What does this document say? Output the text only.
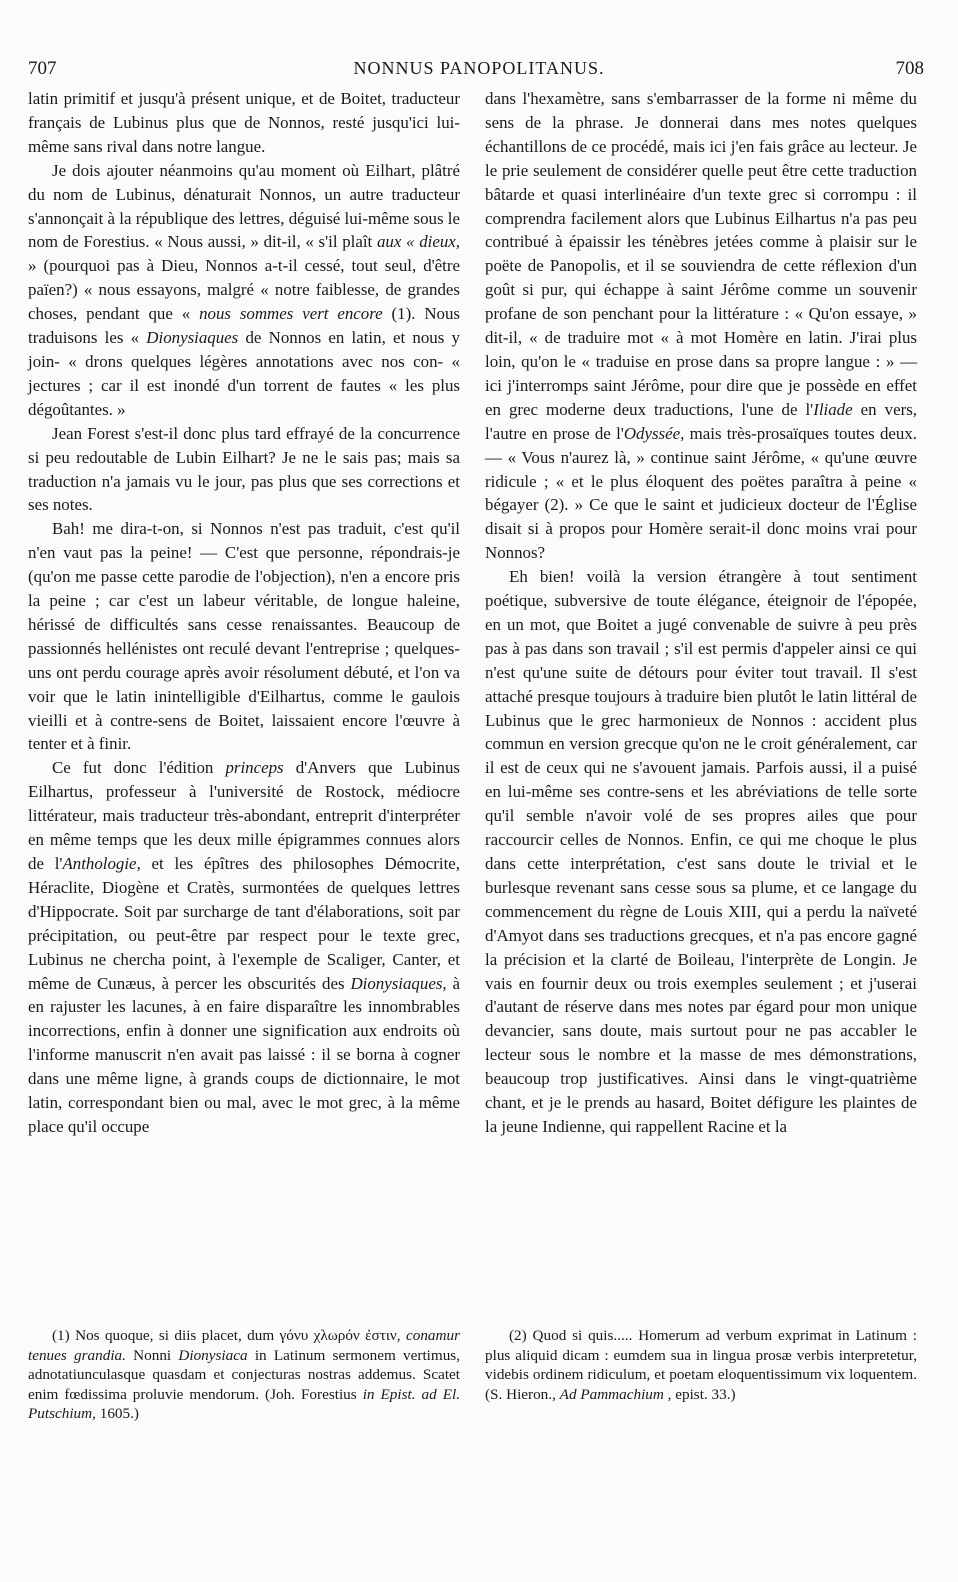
NONNUS PANOPOLITANUS.
707	708

latin primitif et jusqu'à présent unique, et de Boitet, traducteur français de Lubinus plus que de Nonnos, resté jusqu'ici lui-même sans rival dans notre langue.

Je dois ajouter néanmoins qu'au moment où Eilhart, plâtré du nom de Lubinus, dénaturait Nonnos, un autre traducteur s'annonçait à la république des lettres, déguisé lui-même sous le nom de Forestius. « Nous aussi, » dit-il, « s'il plaît aux « dieux, » (pourquoi pas à Dieu, Nonnos a-t-il cessé, tout seul, d'être païen?) « nous essayons, malgré « notre faiblesse, de grandes choses, pendant que « nous sommes vert encore (1). Nous traduisons les « Dionysiaques de Nonnos en latin, et nous y join- « drons quelques légères annotations avec nos con- « jectures ; car il est inondé d'un torrent de fautes « les plus dégoûtantes. »

Jean Forest s'est-il donc plus tard effrayé de la concurrence si peu redoutable de Lubin Eilhart? Je ne le sais pas; mais sa traduction n'a jamais vu le jour, pas plus que ses corrections et ses notes.

Bah! me dira-t-on, si Nonnos n'est pas traduit, c'est qu'il n'en vaut pas la peine! — C'est que personne, répondrais-je (qu'on me passe cette parodie de l'objection), n'en a encore pris la peine ; car c'est un labeur véritable, de longue haleine, hérissé de difficultés sans cesse renaissantes. Beaucoup de passionnés hellénistes ont reculé devant l'entreprise ; quelques-uns ont perdu courage après avoir résolument débuté, et l'on va voir que le latin inintelligible d'Eilhartus, comme le gaulois vieilli et à contre-sens de Boitet, laissaient encore l'œuvre à tenter et à finir.

Ce fut donc l'édition princeps d'Anvers que Lubinus Eilhartus, professeur à l'université de Rostock, médiocre littérateur, mais traducteur très-abondant, entreprit d'interpréter en même temps que les deux mille épigrammes connues alors de l'Anthologie, et les épîtres des philosophes Démocrite, Héraclite, Diogène et Cratès, surmontées de quelques lettres d'Hippocrate. Soit par surcharge de tant d'élaborations, soit par précipitation, ou peut-être par respect pour le texte grec, Lubinus ne chercha point, à l'exemple de Scaliger, Canter, et même de Cunæus, à percer les obscurités des Dionysiaques, à en rajuster les lacunes, à en faire disparaître les innombrables incorrections, enfin à donner une signification aux endroits où l'informe manuscrit n'en avait pas laissé : il se borna à cogner dans une même ligne, à grands coups de dictionnaire, le mot latin, correspondant bien ou mal, avec le mot grec, à la même place qu'il occupe

dans l'hexamètre, sans s'embarrasser de la forme ni même du sens de la phrase. Je donnerai dans mes notes quelques échantillons de ce procédé, mais ici j'en fais grâce au lecteur. Je le prie seulement de considérer quelle peut être cette traduction bâtarde et quasi interlinéaire d'un texte grec si corrompu : il comprendra facilement alors que Lubinus Eilhartus n'a pas peu contribué à épaissir les ténèbres jetées comme à plaisir sur le poëte de Panopolis, et il se souviendra de cette réflexion d'un goût si pur, qui échappe à saint Jérôme comme un souvenir profane de son penchant pour la littérature : « Qu'on essaye, » dit-il, « de traduire mot « à mot Homère en latin. J'irai plus loin, qu'on le « traduise en prose dans sa propre langue : » — ici j'interromps saint Jérôme, pour dire que je possède en effet en grec moderne deux traductions, l'une de l'Iliade en vers, l'autre en prose de l'Odyssée, mais très-prosaïques toutes deux. — « Vous n'aurez là, » continue saint Jérôme, « qu'une œuvre ridicule ; « et le plus éloquent des poëtes paraîtra à peine « bégayer (2). » Ce que le saint et judicieux docteur de l'Église disait si à propos pour Homère serait-il donc moins vrai pour Nonnos?

Eh bien! voilà la version étrangère à tout sentiment poétique, subversive de toute élégance, éteignoir de l'épopée, en un mot, que Boitet a jugé convenable de suivre à peu près pas à pas dans son travail ; s'il est permis d'appeler ainsi ce qui n'est qu'une suite de détours pour éviter tout travail. Il s'est attaché presque toujours à traduire bien plutôt le latin littéral de Lubinus que le grec harmonieux de Nonnos : accident plus commun en version grecque qu'on ne le croit généralement, car il est de ceux qui ne s'avouent jamais. Parfois aussi, il a puisé en lui-même ses contre-sens et les abréviations de telle sorte qu'il semble n'avoir volé de ses propres ailes que pour raccourcir celles de Nonnos. Enfin, ce qui me choque le plus dans cette interprétation, c'est sans doute le trivial et le burlesque revenant sans cesse sous sa plume, et ce langage du commencement du règne de Louis XIII, qui a perdu la naïveté d'Amyot dans ses traductions grecques, et n'a pas encore gagné la précision et la clarté de Boileau, l'interprète de Longin. Je vais en fournir deux ou trois exemples seulement ; et j'userai d'autant de réserve dans mes notes par égard pour mon unique devancier, sans doute, mais surtout pour ne pas accabler le lecteur sous le nombre et la masse de mes démonstrations, beaucoup trop justificatives. Ainsi dans le vingt-quatrième chant, et je le prends au hasard, Boitet défigure les plaintes de la jeune Indienne, qui rappellent Racine et la

(1) Nos quoque, si diis placet, dum γόνυ χλωρόν ἐστιν, conamur tenues grandia. Nonni Dionysiaca in Latinum sermonem vertimus, adnotatiunculasque quasdam et conjecturas nostras addemus. Scatet enim fœdissima proluvie mendorum. (Joh. Forestius in Epist. ad El. Putschium, 1605.)

(2) Quod si quis..... Homerum ad verbum exprimat in Latinum : plus aliquid dicam : eumdem sua in lingua prosæ verbis interpretetur, videbis ordinem ridiculum, et poetam eloquentissimum vix loquentem. (S. Hieron., Ad Pammachium , epist. 33.)
